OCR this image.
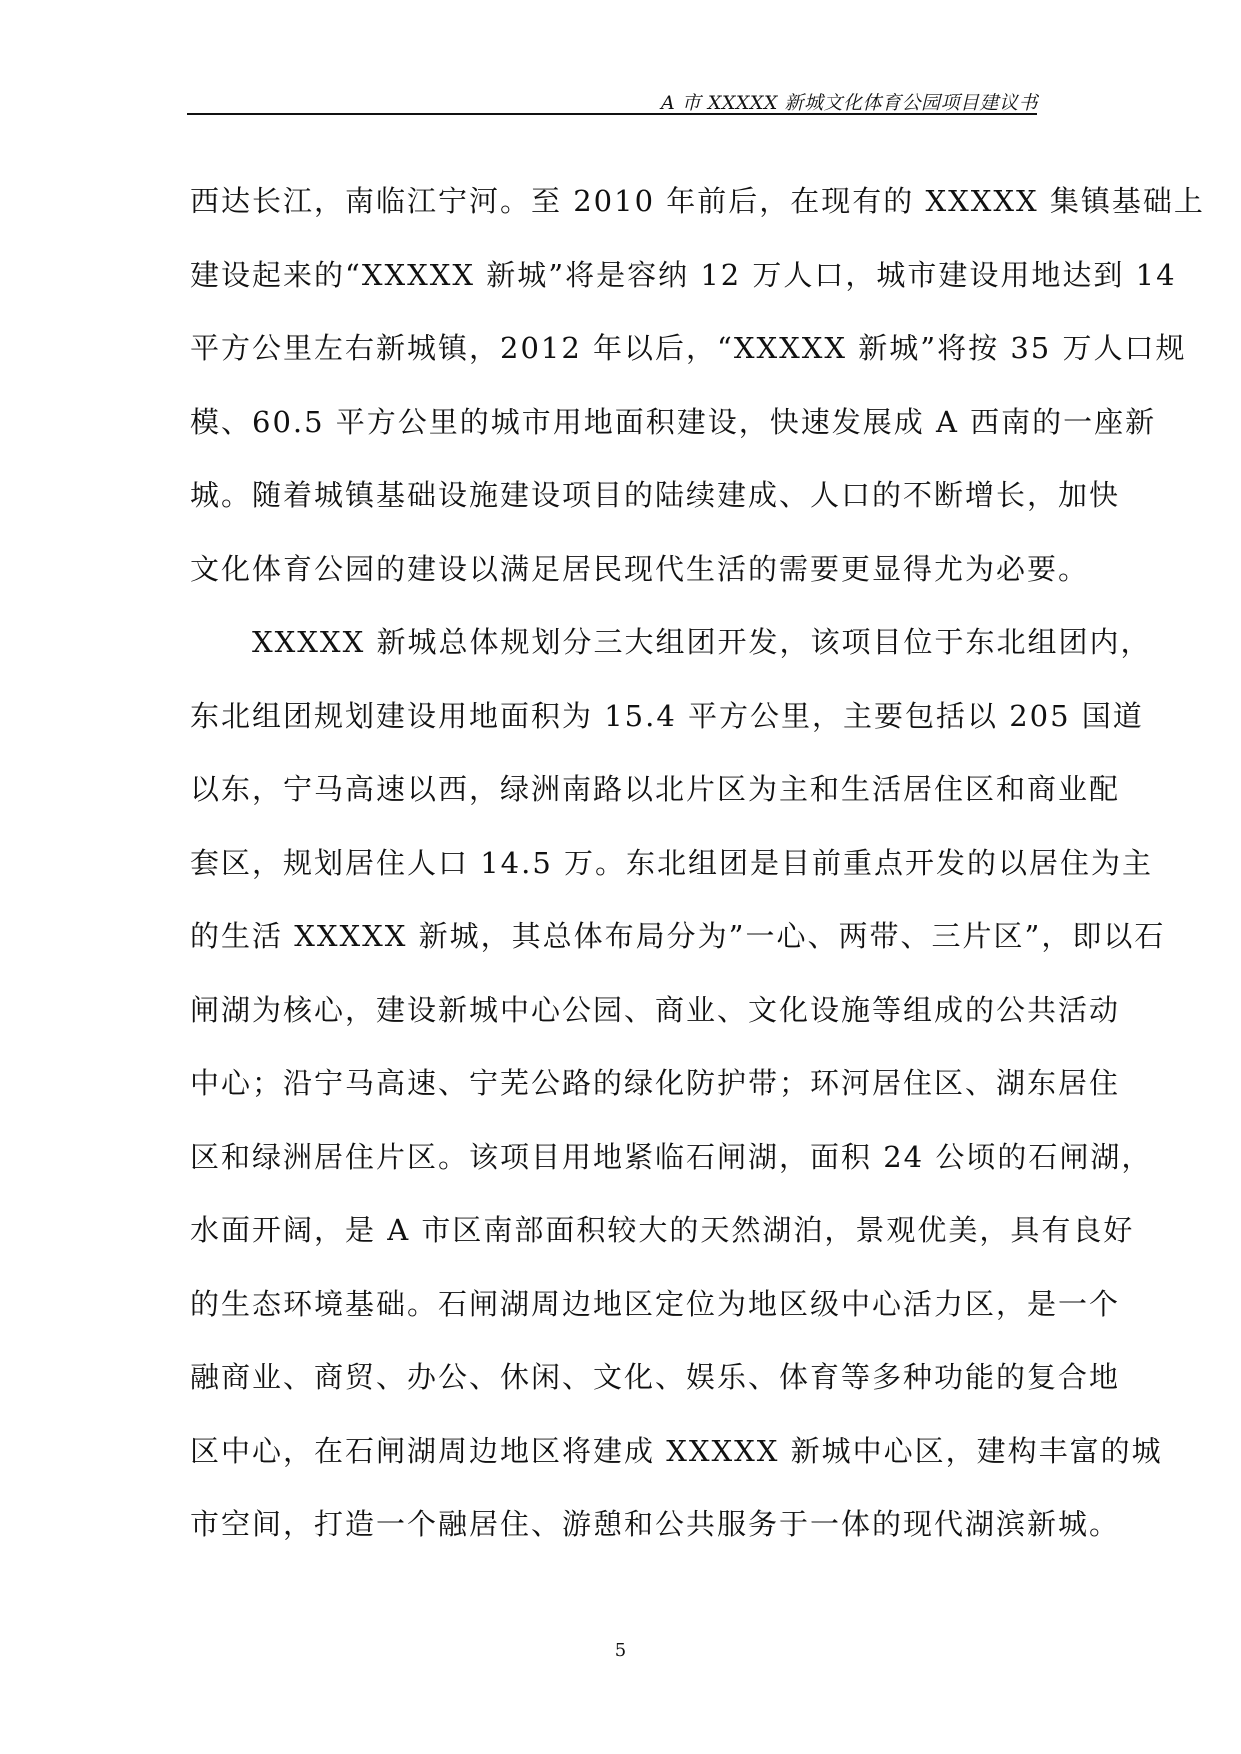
A 市 XXXXX 新城文化体育公园项目建议书
西达长江，南临江宁河。至 2010 年前后，在现有的 XXXXX 集镇基础上
建设起来的“XXXXX 新城”将是容纳 12 万人口，城市建设用地达到 14
平方公里左右新城镇，2012 年以后，“XXXXX 新城”将按 35 万人口规
模、60.5 平方公里的城市用地面积建设，快速发展成 A 西南的一座新
城。随着城镇基础设施建设项目的陆续建成、人口的不断增长，加快
文化体育公园的建设以满足居民现代生活的需要更显得尤为必要。
　　XXXXX 新城总体规划分三大组团开发，该项目位于东北组团内，
东北组团规划建设用地面积为 15.4 平方公里，主要包括以 205 国道
以东，宁马高速以西，绿洲南路以北片区为主和生活居住区和商业配
套区，规划居住人口 14.5 万。东北组团是目前重点开发的以居住为主
的生活 XXXXX 新城，其总体布局分为”一心、两带、三片区”，即以石
闸湖为核心，建设新城中心公园、商业、文化设施等组成的公共活动
中心；沿宁马高速、宁芜公路的绿化防护带；环河居住区、湖东居住
区和绿洲居住片区。该项目用地紧临石闸湖，面积 24 公顷的石闸湖，
水面开阔，是 A 市区南部面积较大的天然湖泊，景观优美，具有良好
的生态环境基础。石闸湖周边地区定位为地区级中心活力区，是一个
融商业、商贸、办公、休闲、文化、娱乐、体育等多种功能的复合地
区中心，在石闸湖周边地区将建成 XXXXX 新城中心区，建构丰富的城
市空间，打造一个融居住、游憩和公共服务于一体的现代湖滨新城。
5
